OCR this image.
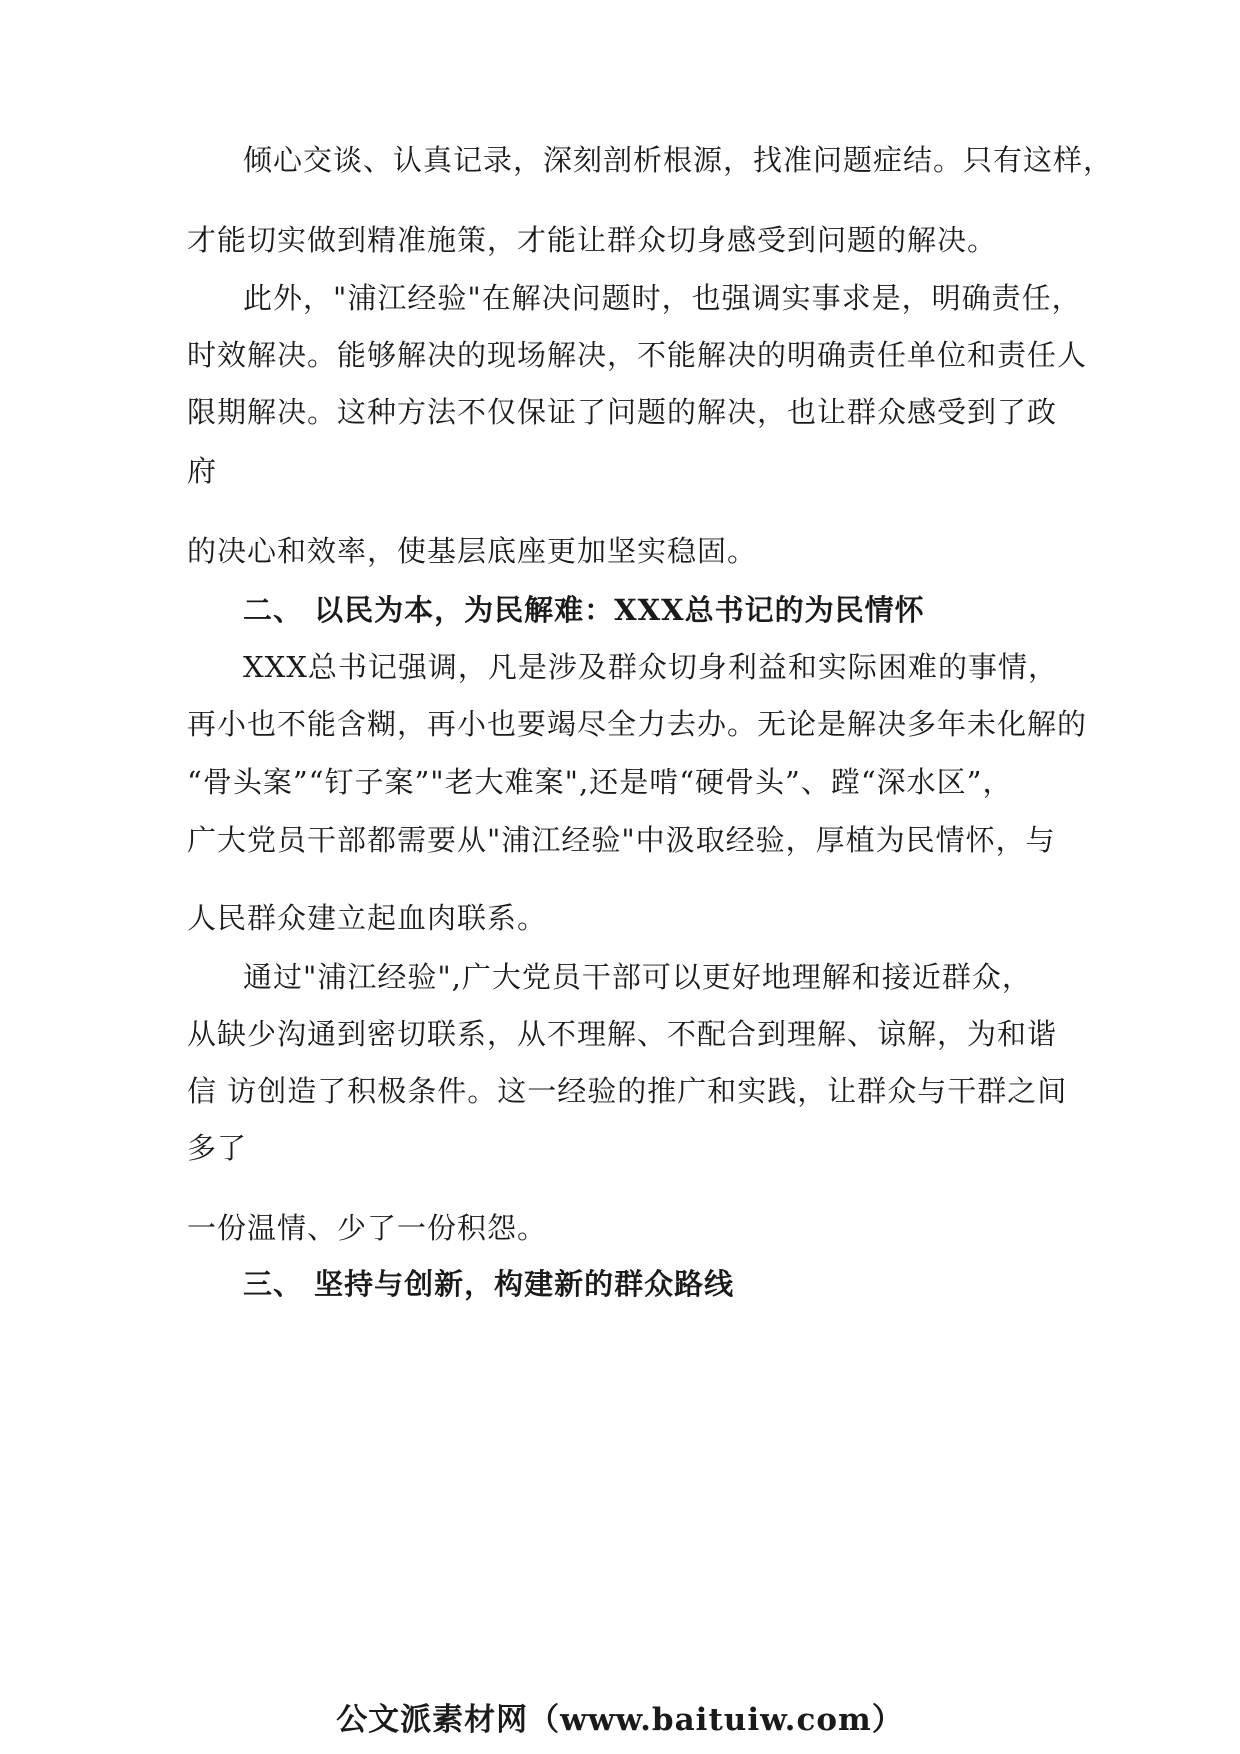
倾心交谈、认真记录，深刻剖析根源，找准问题症结。只有这样，
才能切实做到精准施策，才能让群众切身感受到问题的解决。
此外，"浦江经验"在解决问题时，也强调实事求是，明确责任，
时效解决。能够解决的现场解决，不能解决的明确责任单位和责任人
限期解决。这种方法不仅保证了问题的解决，也让群众感受到了政
府
的决心和效率，使基层底座更加坚实稳固。
二、 以民为本，为民解难：XXX总书记的为民情怀
XXX总书记强调，凡是涉及群众切身利益和实际困难的事情，
再小也不能含糊，再小也要竭尽全力去办。无论是解决多年未化解的
“骨头案”“钉子案”"老大难案",还是啃“硬骨头”、蹚“深水区”，
广大党员干部都需要从"浦江经验"中汲取经验，厚植为民情怀，与
人民群众建立起血肉联系。
通过"浦江经验",广大党员干部可以更好地理解和接近群众，
从缺少沟通到密切联系，从不理解、不配合到理解、谅解，为和谐
信 访创造了积极条件。这一经验的推广和实践，让群众与干群之间
多了
一份温情、少了一份积怨。
三、 坚持与创新，构建新的群众路线
公文派素材网（www.baituiw.com）
